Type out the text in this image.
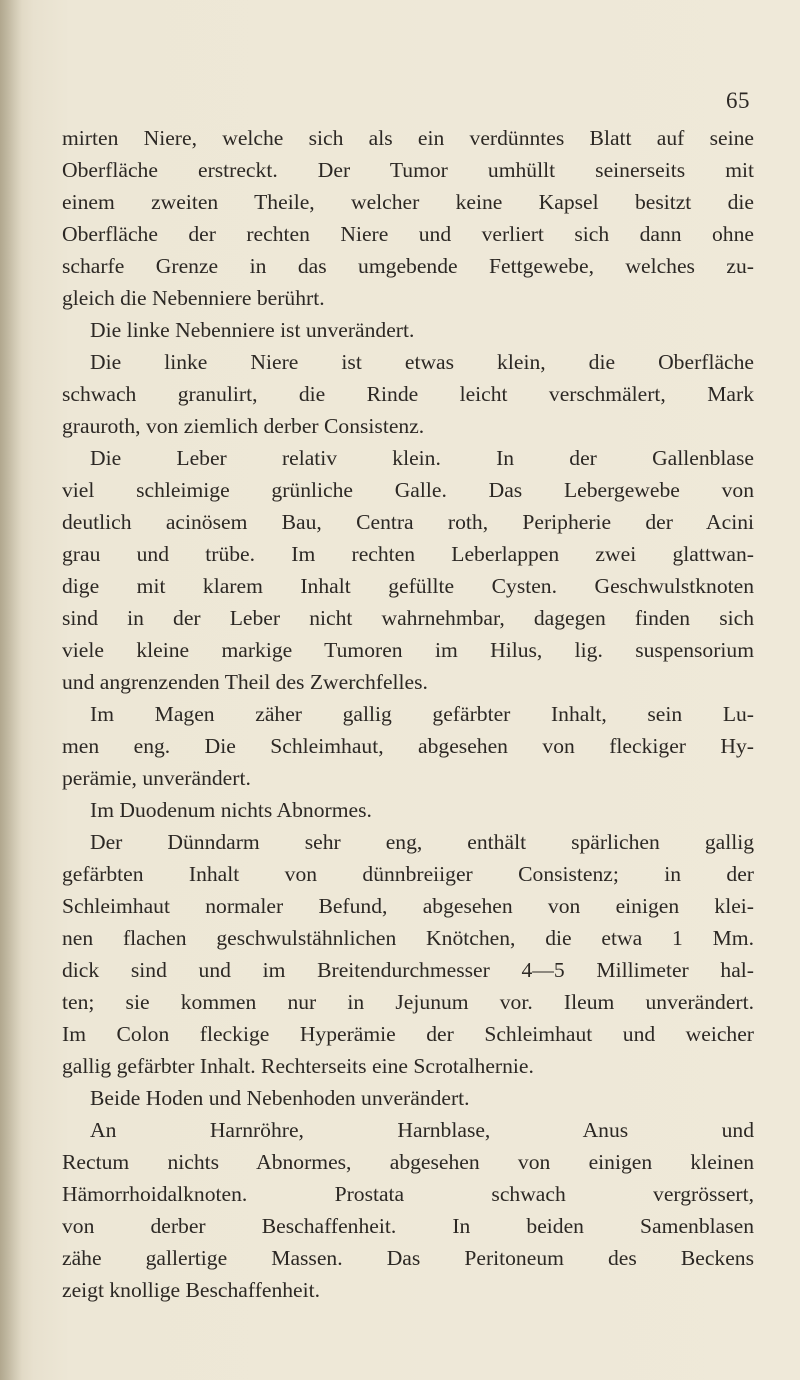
65
mirten Niere, welche sich als ein verdünntes Blatt auf seine
Oberfläche erstreckt. Der Tumor umhüllt seinerseits mit
einem zweiten Theile, welcher keine Kapsel besitzt die
Oberfläche der rechten Niere und verliert sich dann ohne
scharfe Grenze in das umgebende Fettgewebe, welches zu-
gleich die Nebenniere berührt.
Die linke Nebenniere ist unverändert.
Die linke Niere ist etwas klein, die Oberfläche
schwach granulirt, die Rinde leicht verschmälert, Mark
grauroth, von ziemlich derber Consistenz.
Die Leber relativ klein. In der Gallenblase
viel schleimige grünliche Galle. Das Lebergewebe von
deutlich acinösem Bau, Centra roth, Peripherie der Acini
grau und trübe. Im rechten Leberlappen zwei glattwan-
dige mit klarem Inhalt gefüllte Cysten. Geschwulstknoten
sind in der Leber nicht wahrnehmbar, dagegen finden sich
viele kleine markige Tumoren im Hilus, lig. suspensorium
und angrenzenden Theil des Zwerchfelles.
Im Magen zäher gallig gefärbter Inhalt, sein Lu-
men eng. Die Schleimhaut, abgesehen von fleckiger Hy-
perämie, unverändert.
Im Duodenum nichts Abnormes.
Der Dünndarm sehr eng, enthält spärlichen gallig
gefärbten Inhalt von dünnbreiiger Consistenz; in der
Schleimhaut normaler Befund, abgesehen von einigen klei-
nen flachen geschwulstähnlichen Knötchen, die etwa 1 Mm.
dick sind und im Breitendurchmesser 4—5 Millimeter hal-
ten; sie kommen nur in Jejunum vor. Ileum unverändert.
Im Colon fleckige Hyperämie der Schleimhaut und weicher
gallig gefärbter Inhalt. Rechterseits eine Scrotalhernie.
Beide Hoden und Nebenhoden unverändert.
An Harnröhre, Harnblase, Anus und
Rectum nichts Abnormes, abgesehen von einigen kleinen
Hämorrhoidalknoten. Prostata schwach vergrössert,
von derber Beschaffenheit. In beiden Samenblasen
zähe gallertige Massen. Das Peritoneum des Beckens
zeigt knollige Beschaffenheit.
